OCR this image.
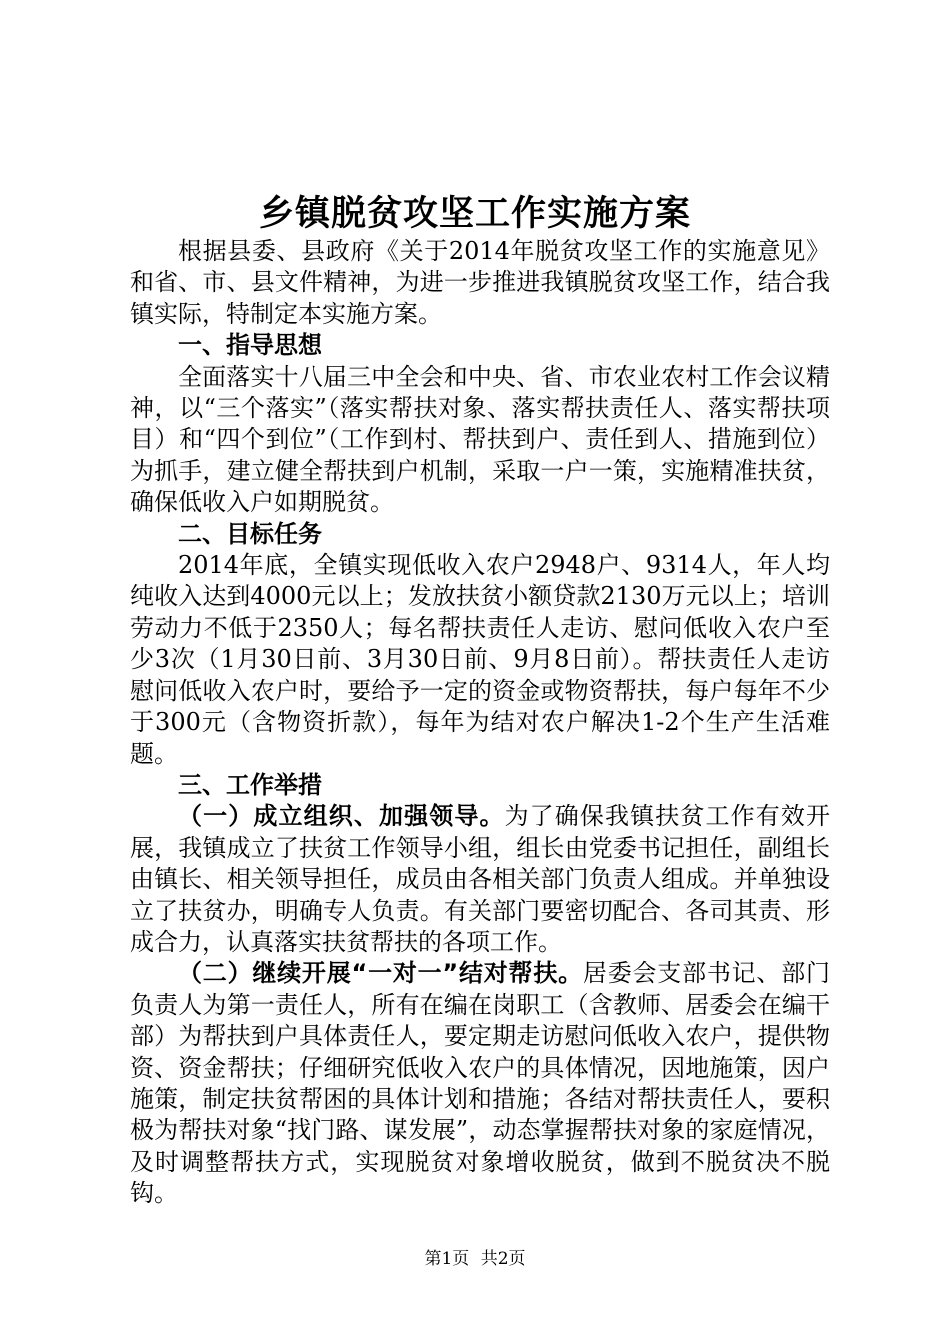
乡镇脱贫攻坚工作实施方案

根据县委、县政府《关于2014年脱贫攻坚工作的实施意见》和省、市、县文件精神，为进一步推进我镇脱贫攻坚工作，结合我镇实际，特制定本实施方案。

一、指导思想

全面落实十八届三中全会和中央、省、市农业农村工作会议精神，以“三个落实”（落实帮扶对象、落实帮扶责任人、落实帮扶项目）和“四个到位”（工作到村、帮扶到户、责任到人、措施到位）为抓手，建立健全帮扶到户机制，采取一户一策，实施精准扶贫，确保低收入户如期脱贫。

二、目标任务

2014年底，全镇实现低收入农户2948户、9314人，年人均纯收入达到4000元以上；发放扶贫小额贷款2130万元以上；培训劳动力不低于2350人；每名帮扶责任人走访、慰问低收入农户至少3次（1月30日前、3月30日前、9月8日前）。帮扶责任人走访慰问低收入农户时，要给予一定的资金或物资帮扶，每户每年不少于300元（含物资折款），每年为结对农户解决1-2个生产生活难题。

三、工作举措

（一）成立组织、加强领导。为了确保我镇扶贫工作有效开展，我镇成立了扶贫工作领导小组，组长由党委书记担任，副组长由镇长、相关领导担任，成员由各相关部门负责人组成。并单独设立了扶贫办，明确专人负责。有关部门要密切配合、各司其责、形成合力，认真落实扶贫帮扶的各项工作。

（二）继续开展“一对一”结对帮扶。居委会支部书记、部门负责人为第一责任人，所有在编在岗职工（含教师、居委会在编干部）为帮扶到户具体责任人，要定期走访慰问低收入农户，提供物资、资金帮扶；仔细研究低收入农户的具体情况，因地施策，因户施策，制定扶贫帮困的具体计划和措施；各结对帮扶责任人，要积极为帮扶对象“找门路、谋发展”，动态掌握帮扶对象的家庭情况，及时调整帮扶方式，实现脱贫对象增收脱贫，做到不脱贫决不脱钩。

第1页 共2页
